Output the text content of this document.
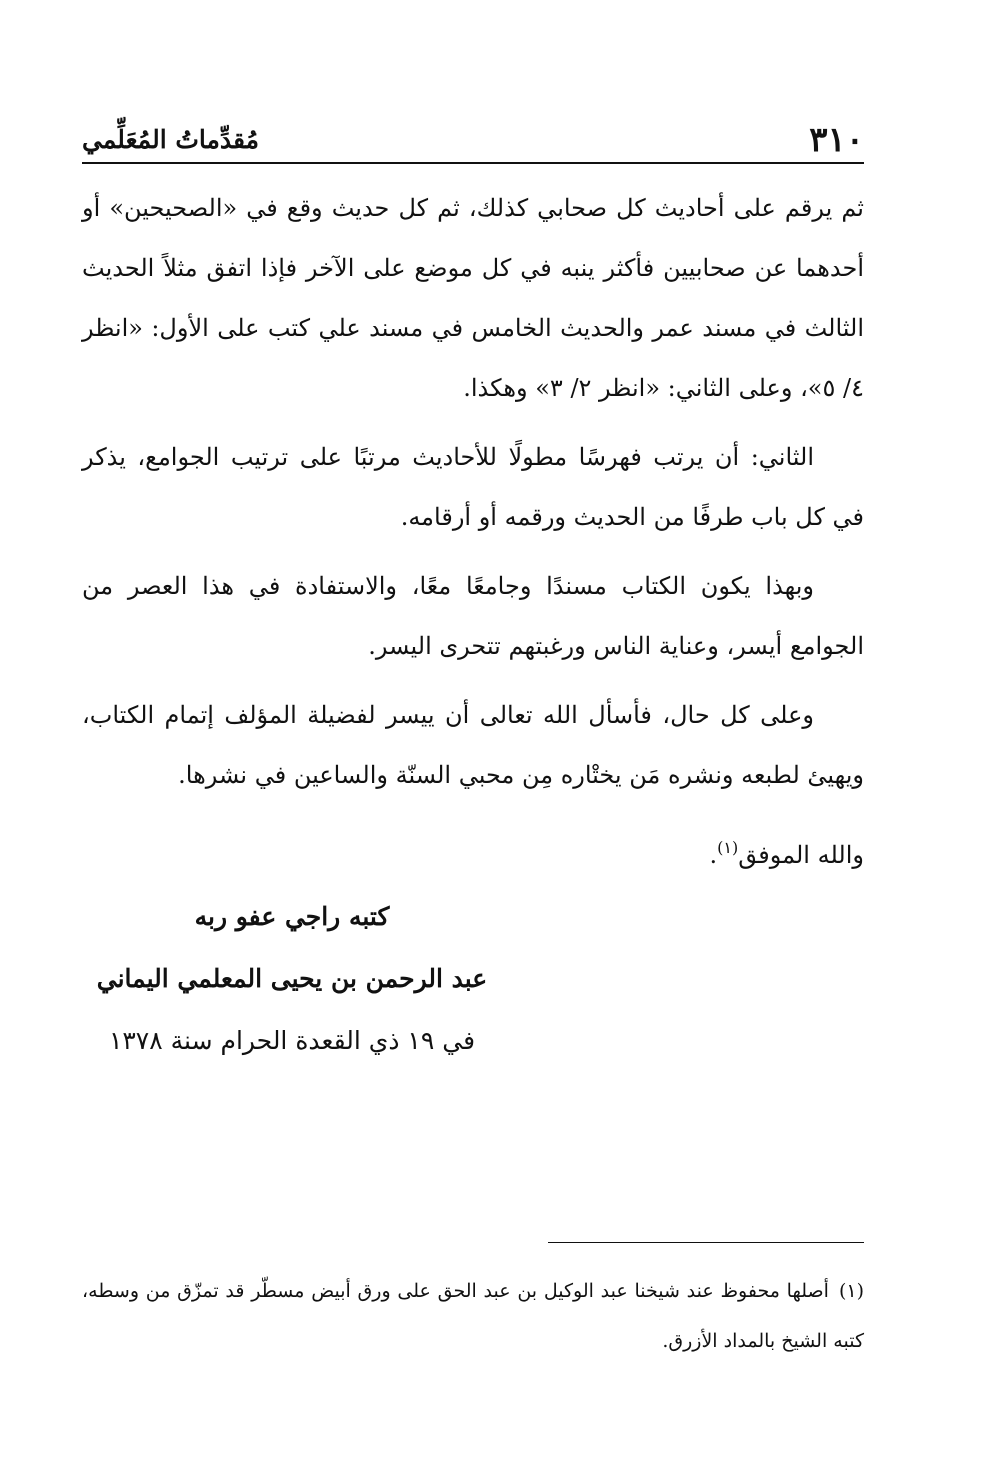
٣١٠
مُقدِّماتُ المُعَلِّمي

ثم يرقم على أحاديث كل صحابي كذلك، ثم كل حديث وقع في «الصحيحين» أو أحدهما عن صحابيين فأكثر ينبه في كل موضع على الآخر فإذا اتفق مثلاً الحديث الثالث في مسند عمر والحديث الخامس في مسند علي كتب على الأول: «انظر ٤/ ٥»، وعلى الثاني: «انظر ٢/ ٣» وهكذا.

الثاني: أن يرتب فهرسًا مطولًا للأحاديث مرتبًا على ترتيب الجوامع، يذكر في كل باب طرفًا من الحديث ورقمه أو أرقامه.

وبهذا يكون الكتاب مسندًا وجامعًا معًا، والاستفادة في هذا العصر من الجوامع أيسر، وعناية الناس ورغبتهم تتحرى اليسر.

وعلى كل حال، فأسأل الله تعالى أن ييسر لفضيلة المؤلف إتمام الكتاب، ويهيئ لطبعه ونشره مَن يختْاره مِن محبي السنّة والساعين في نشرها.

والله الموفق$^{(١)}$.
كتبه راجي عفو ربه
عبد الرحمن بن يحيى المعلمي اليماني
في ١٩ ذي القعدة الحرام سنة ١٣٧٨
(١)أصلها محفوظ عند شيخنا عبد الوكيل بن عبد الحق على ورق أبيض مسطّر قد تمزّق من وسطه، كتبه الشيخ بالمداد الأزرق.
